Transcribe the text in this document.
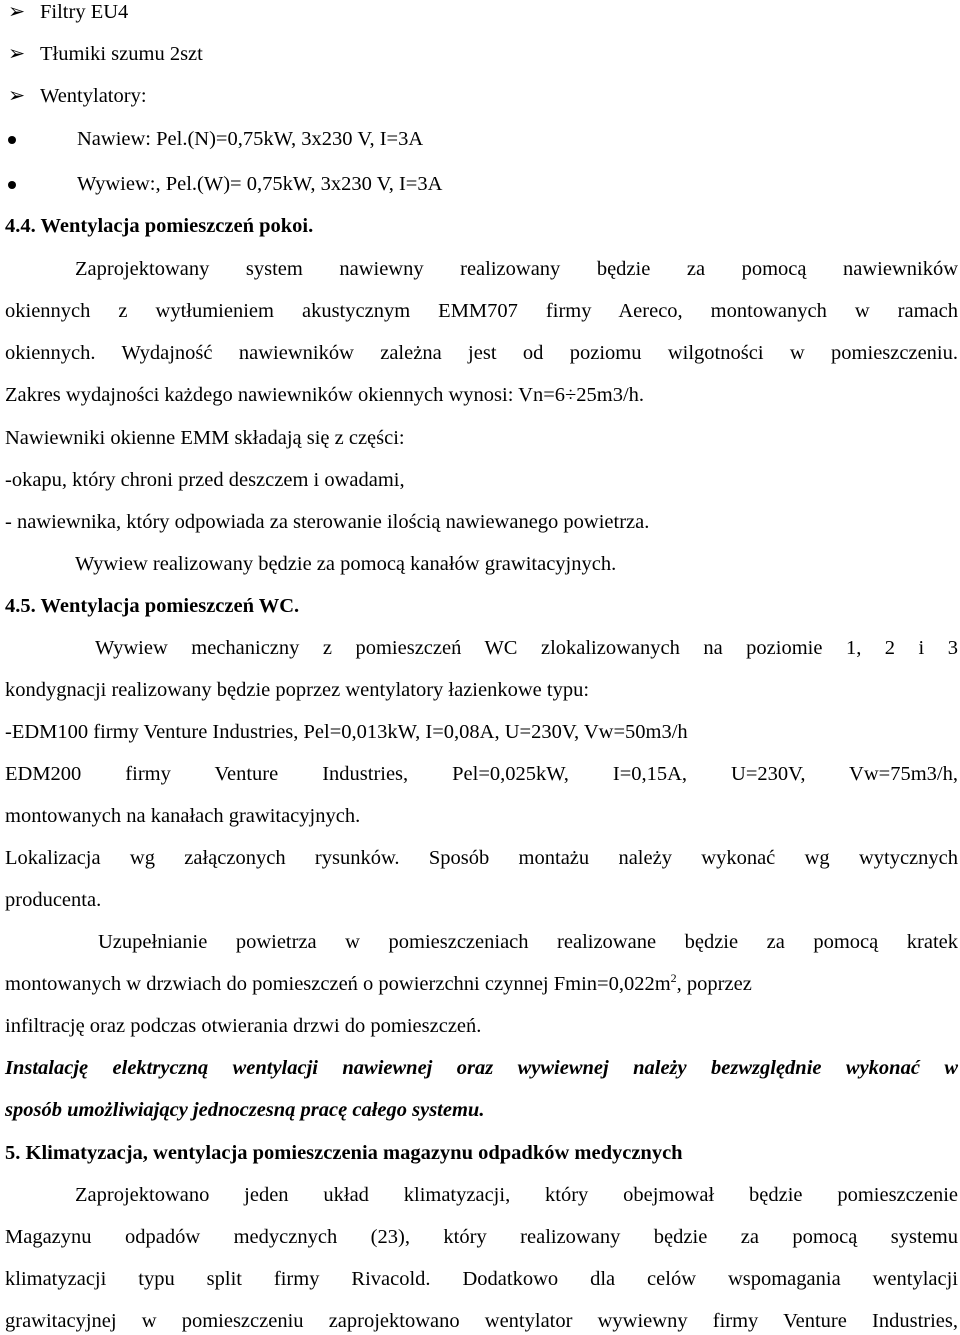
➢ Filtry EU4
➢ Tłumiki szumu 2szt
➢ Wentylatory:
Nawiew: Pel.(N)=0,75kW, 3x230 V, I=3A
Wywiew:, Pel.(W)= 0,75kW, 3x230 V, I=3A
4.4. Wentylacja pomieszczeń pokoi.
Zaprojektowany system nawiewny realizowany będzie za pomocą nawiewników
okiennych z wytłumieniem akustycznym EMM707 firmy Aereco, montowanych w ramach
okiennych. Wydajność nawiewników zależna jest od poziomu wilgotności w pomieszczeniu.
Zakres wydajności każdego nawiewników okiennych wynosi: Vn=6÷25m3/h.
Nawiewniki okienne EMM składają się z części:
-okapu, który chroni przed deszczem i owadami,
- nawiewnika, który odpowiada za sterowanie ilością nawiewanego powietrza.
Wywiew realizowany będzie za pomocą kanałów grawitacyjnych.
4.5. Wentylacja pomieszczeń WC.
Wywiew mechaniczny z pomieszczeń WC zlokalizowanych na poziomie 1, 2 i 3
kondygnacji realizowany będzie poprzez wentylatory łazienkowe typu:
-EDM100 firmy Venture Industries, Pel=0,013kW, I=0,08A, U=230V, Vw=50m3/h
EDM200 firmy Venture Industries, Pel=0,025kW, I=0,15A, U=230V, Vw=75m3/h,
montowanych na kanałach grawitacyjnych.
Lokalizacja wg załączonych rysunków. Sposób montażu należy wykonać wg wytycznych
producenta.
Uzupełnianie powietrza w pomieszczeniach realizowane będzie za pomocą kratek
montowanych w drzwiach do pomieszczeń o powierzchni czynnej $Fmin=0,022m^2$, poprzez
infiltrację oraz podczas otwierania drzwi do pomieszczeń.
Instalację elektryczną wentylacji nawiewnej oraz wywiewnej należy bezwzględnie wykonać w
sposób umożliwiający jednoczesną pracę całego systemu.
5. Klimatyzacja, wentylacja pomieszczenia magazynu odpadków medycznych
Zaprojektowano jeden układ klimatyzacji, który obejmował będzie pomieszczenie
Magazynu odpadów medycznych (23), który realizowany będzie za pomocą systemu
klimatyzacji typu split firmy Rivacold. Dodatkowo dla celów wspomagania wentylacji
grawitacyjnej w pomieszczeniu zaprojektowano wentylator wywiewny firmy Venture Industries,
